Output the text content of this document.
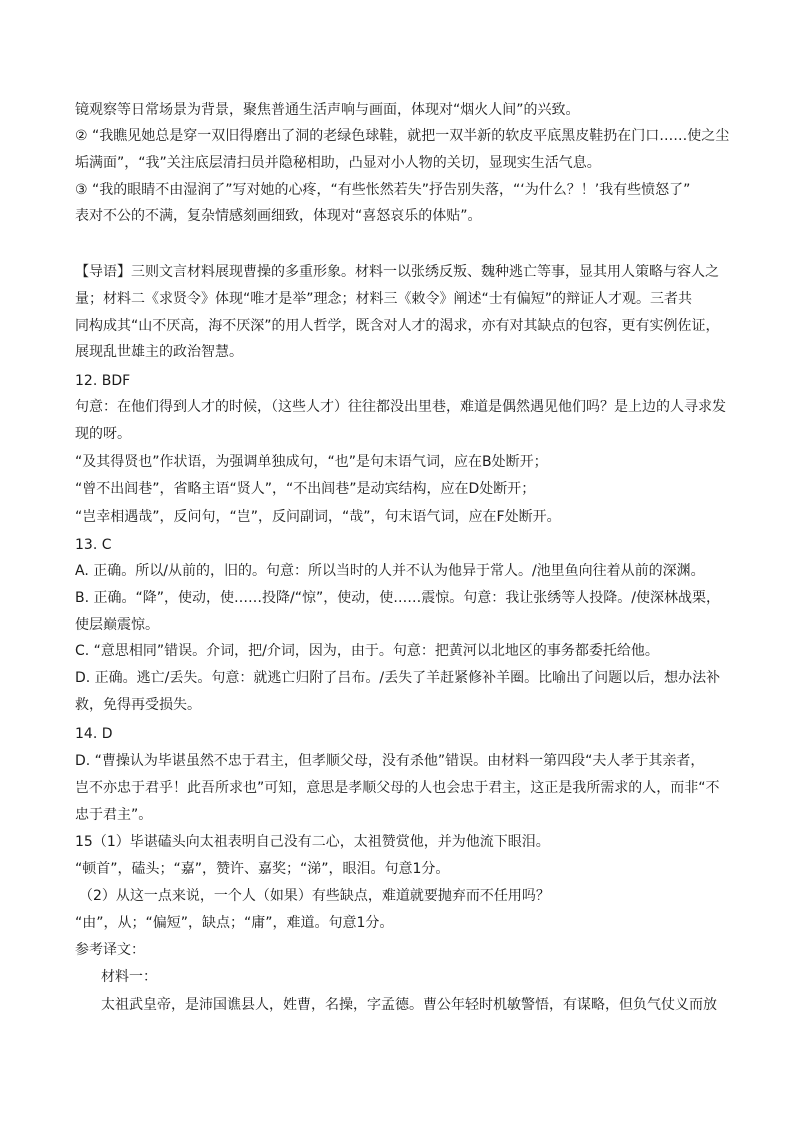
镜观察等日常场景为背景，聚焦普通生活声响与画面，体现对“烟火人间”的兴致。
② “我瞧见她总是穿一双旧得磨出了洞的老绿色球鞋，就把一双半新的软皮平底黑皮鞋扔在门口……使之尘
垢满面”，“我”关注底层清扫员并隐秘相助，凸显对小人物的关切，显现实生活气息。
③ “我的眼睛不由湿润了”写对她的心疼，“有些怅然若失”抒告别失落，“‘为什么？！’我有些愤怒了”
表对不公的不满，复杂情感刻画细致，体现对“喜怒哀乐的体贴”。
【导语】三则文言材料展现曹操的多重形象。材料一以张绣反叛、魏种逃亡等事，显其用人策略与容人之
量；材料二《求贤令》体现“唯才是举”理念；材料三《敕令》阐述“士有偏短”的辩证人才观。三者共
同构成其“山不厌高，海不厌深”的用人哲学，既含对人才的渴求，亦有对其缺点的包容，更有实例佐证，
展现乱世雄主的政治智慧。
12. BDF
句意：在他们得到人才的时候，（这些人才）往往都没出里巷，难道是偶然遇见他们吗？是上边的人寻求发
现的呀。
“及其得贤也”作状语，为强调单独成句，“也”是句末语气词，应在B处断开；
“曾不出闾巷”，省略主语“贤人”，“不出闾巷”是动宾结构，应在D处断开；
“岂幸相遇哉”，反问句，“岂”，反问副词，“哉”，句末语气词，应在F处断开。
13. C
A. 正确。所以/从前的，旧的。句意：所以当时的人并不认为他异于常人。/池里鱼向往着从前的深渊。
B. 正确。“降”，使动，使……投降/“惊”，使动，使……震惊。句意：我让张绣等人投降。/使深林战栗，
使层巅震惊。
C. “意思相同”错误。介词，把/介词，因为，由于。句意：把黄河以北地区的事务都委托给他。
D. 正确。逃亡/丢失。句意：就逃亡归附了吕布。/丢失了羊赶紧修补羊圈。比喻出了问题以后，想办法补
救，免得再受损失。
14. D
D. “曹操认为毕谌虽然不忠于君主，但孝顺父母，没有杀他”错误。由材料一第四段“夫人孝于其亲者，
岂不亦忠于君乎！此吾所求也”可知，意思是孝顺父母的人也会忠于君主，这正是我所需求的人，而非“不
忠于君主”。
15（1）毕谌磕头向太祖表明自己没有二心，太祖赞赏他，并为他流下眼泪。
“顿首”，磕头；“嘉”，赞许、嘉奖；“涕”，眼泪。句意1分。
（2）从这一点来说，一个人（如果）有些缺点，难道就要抛弃而不任用吗？
“由”，从；“偏短”，缺点；“庸”，难道。句意1分。
参考译文：
材料一：
太祖武皇帝，是沛国谯县人，姓曹，名操，字孟德。曹公年轻时机敏警悟，有谋略，但负气仗义而放
